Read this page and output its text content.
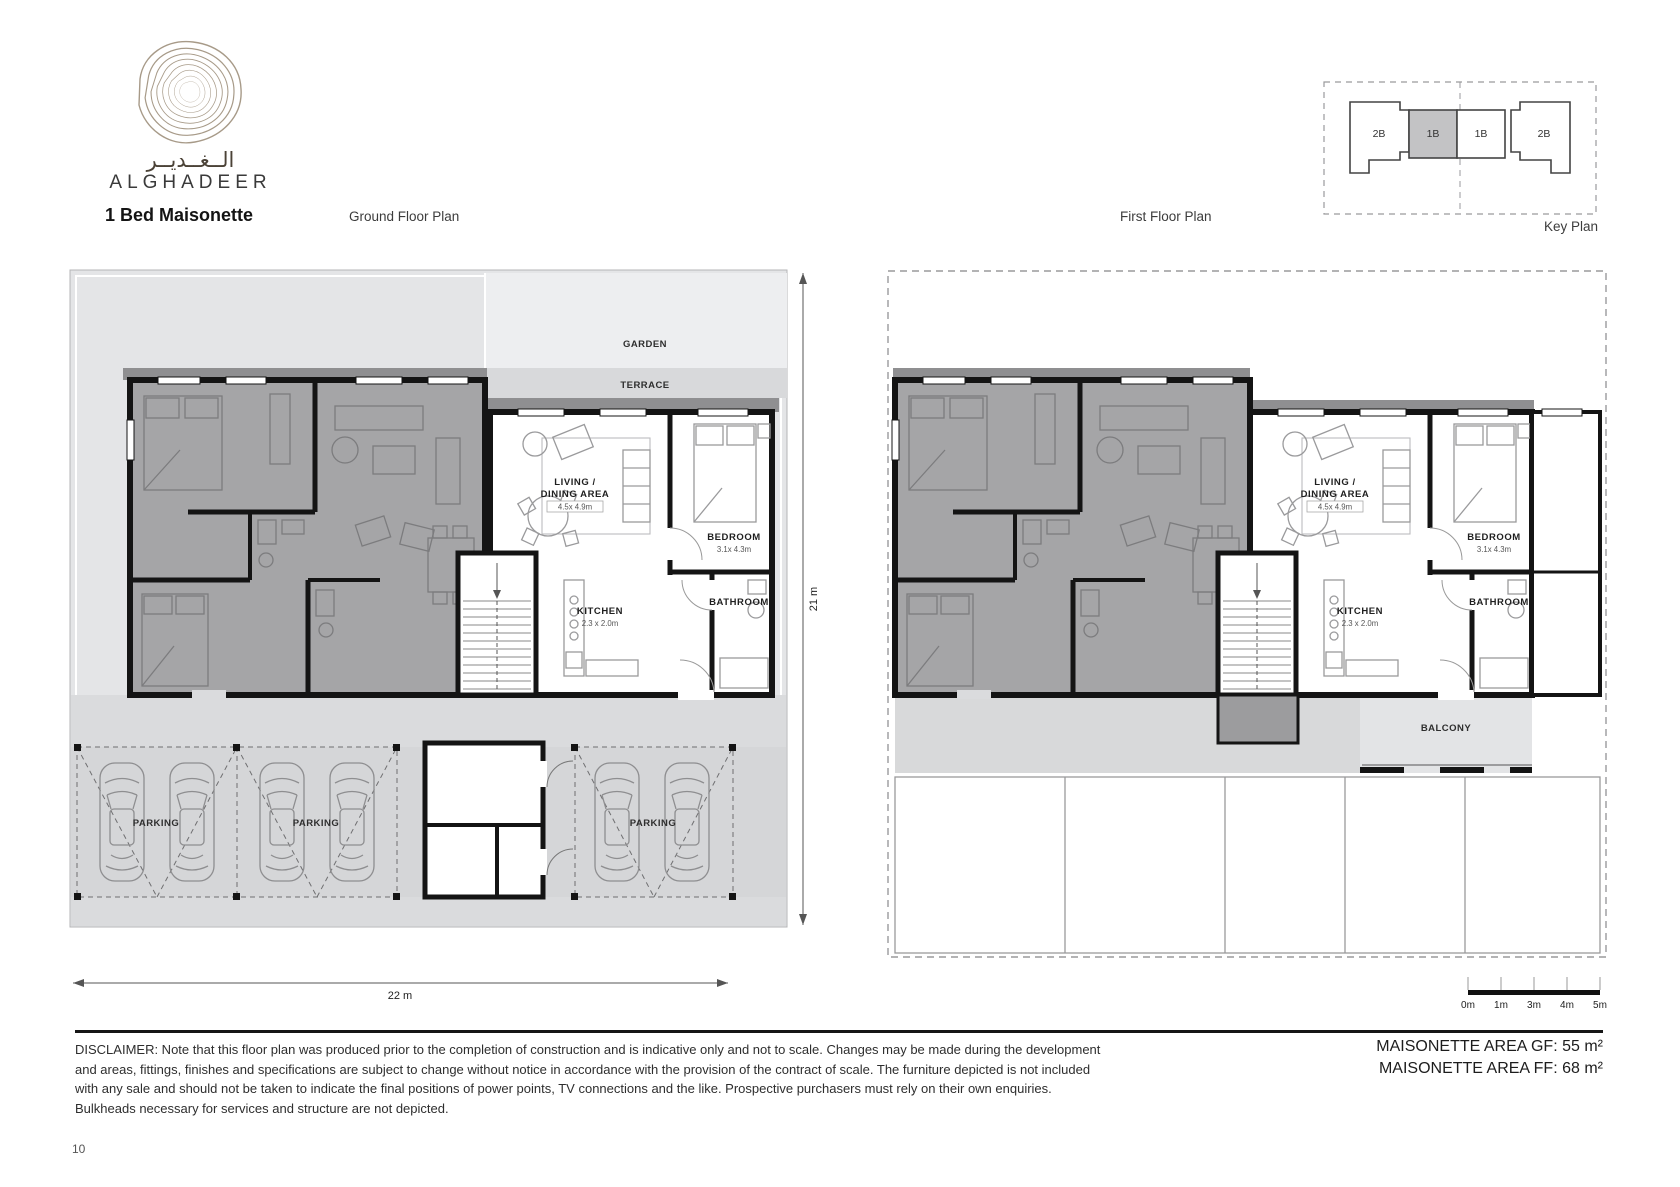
الــغــديــر
ALGHADEER
1 Bed Maisonette	Ground Floor Plan	First Floor Plan
Key Plan
2B	1B	1B	2B
GARDEN
TERRACE
LIVING /
DINING AREA
4.5x 4.9m
BEDROOM
3.1x 4.3m
KITCHEN
2.3 x 2.0m
BATHROOM
PARKING	PARKING	PARKING
22 m
21 m
LIVING /
DINING AREA
4.5x 4.9m
BEDROOM
3.1x 4.3m
KITCHEN
2.3 x 2.0m
BATHROOM
BALCONY
0m 1m 3m 4m 5m
DISCLAIMER: Note that this floor plan was produced prior to the completion of construction and is indicative only and not to scale. Changes may be made during the development
and areas, fittings, finishes and specifications are subject to change without notice in accordance with the provision of the contract of scale. The furniture depicted is not included
with any sale and should not be taken to indicate the final positions of power points, TV connections and the like. Prospective purchasers must rely on their own enquiries.
Bulkheads necessary for services and structure are not depicted.
MAISONETTE AREA GF: 55 m²
MAISONETTE AREA FF: 68 m²
10
